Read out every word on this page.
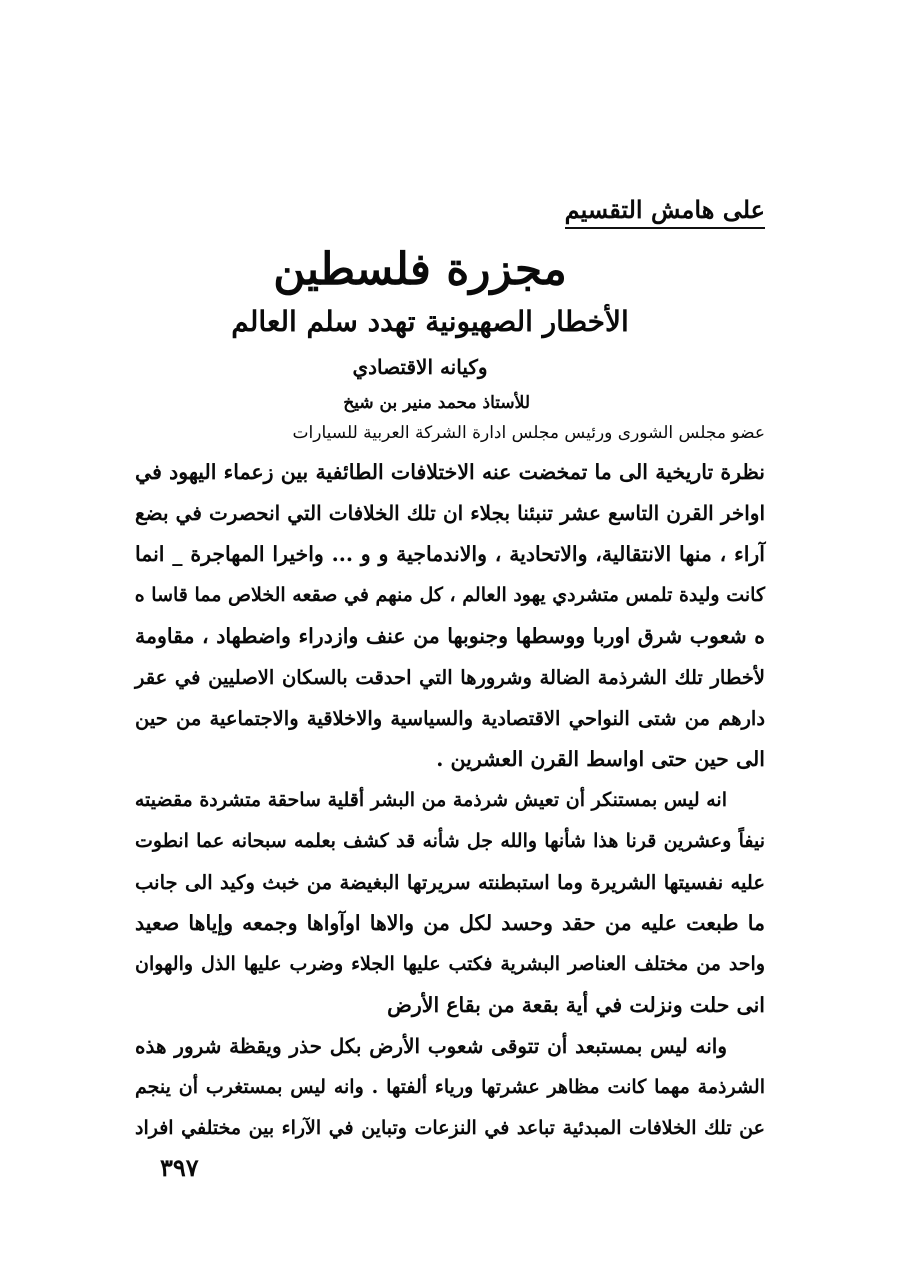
على هامش التقسيم
مجزرة فلسطين
الأخطار الصهيونية تهدد سلم العالم
وكيانه الاقتصادي
للأستاذ محمد منير بن شيخ
عضو مجلس الشورى ورئيس مجلس ادارة الشركة العربية للسيارات
نظرة تاريخية الى ما تمخضت عنه الاختلافات الطائفية بين زعماء اليهود في
اواخر القرن التاسع عشر تنبئنا بجلاء ان تلك الخلافات التي انحصرت في بضع
آراء ، منها الانتقالية، والاتحادية ، والاندماجية و و ... واخيرا المهاجرة _ انما
كانت وليدة تلمس متشردي يهود العالم ، كل منهم في صقعه الخلاص مما قاسا ه
ه شعوب شرق اوربا ووسطها وجنوبها من عنف وازدراء واضطهاد ، مقاومة
لأخطار تلك الشرذمة الضالة وشرورها التي احدقت بالسكان الاصليين في عقر
دارهم من شتى النواحي الاقتصادية والسياسية والاخلاقية والاجتماعية من حين
الى حين حتى اواسط القرن العشرين .
انه ليس بمستنكر أن تعيش شرذمة من البشر أقلية ساحقة متشردة مقضيته
نيفاً وعشرين قرنا هذا شأنها والله جل شأنه قد كشف بعلمه سبحانه عما انطوت
عليه نفسيتها الشريرة وما استبطنته سريرتها البغيضة من خبث وكيد الى جانب
ما طبعت عليه من حقد وحسد لكل من والاها اوآواها وجمعه وإياها صعيد
واحد من مختلف العناصر البشرية فكتب عليها الجلاء وضرب عليها الذل والهوان
انى حلت ونزلت في أية بقعة من بقاع الأرض
وانه ليس بمستبعد أن تتوقى شعوب الأرض بكل حذر ويقظة شرور هذه
الشرذمة مهما كانت مظاهر عشرتها ورياء ألفتها . وانه ليس بمستغرب أن ينجم
عن تلك الخلافات المبدئية تباعد في النزعات وتباين في الآراء بين مختلفي افراد
٣٩٧
